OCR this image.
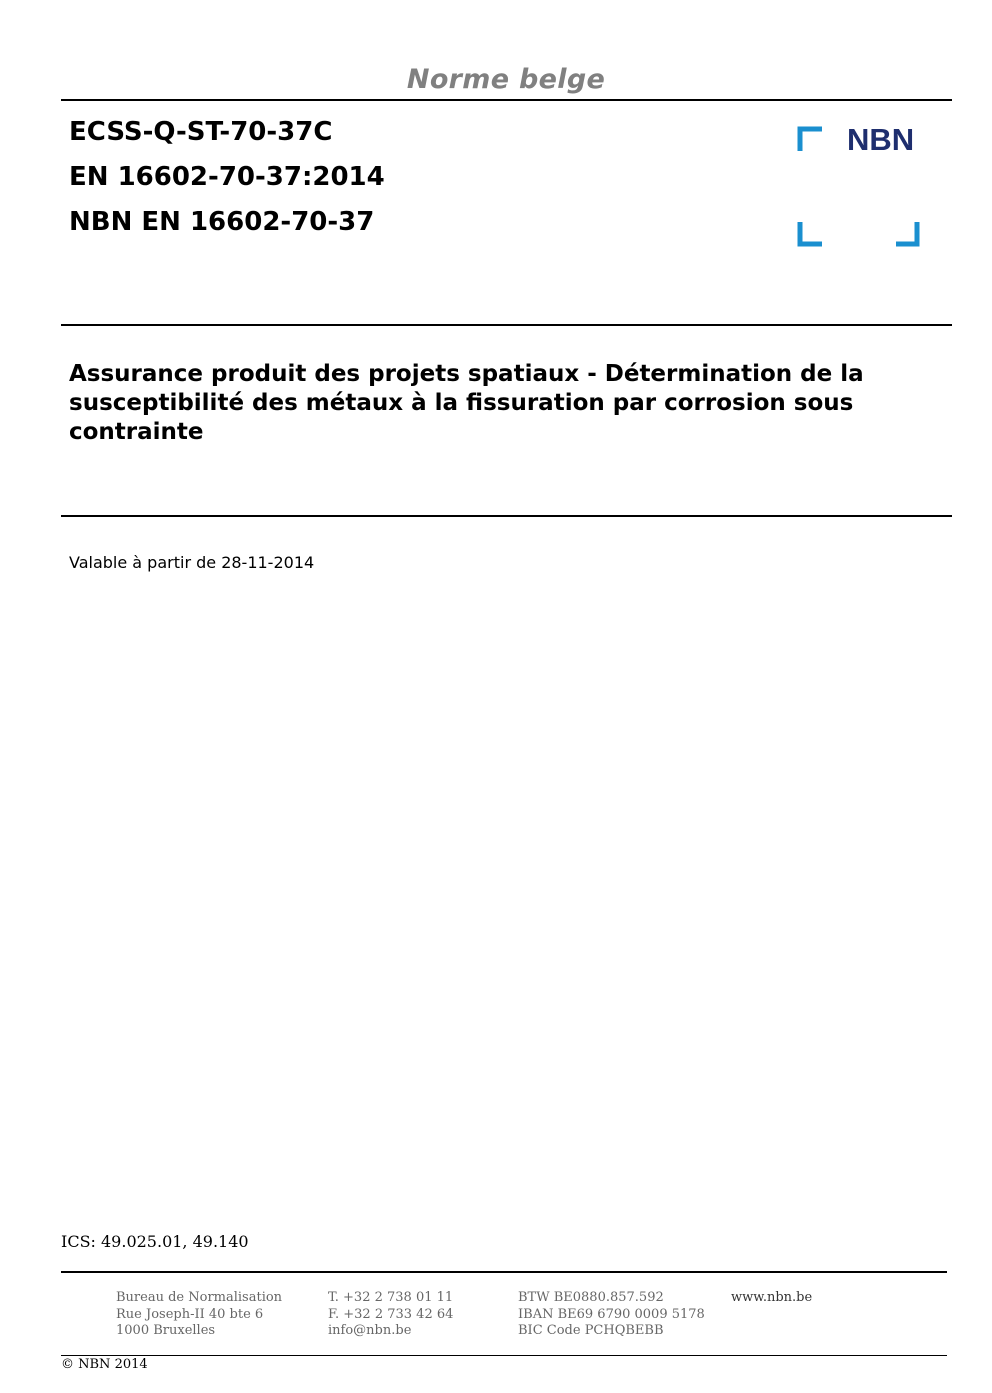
Norme belge
ECSS-Q-ST-70-37C
EN 16602-70-37:2014
NBN EN 16602-70-37
NBN
Assurance produit des projets spatiaux - Détermination de la susceptibilité des métaux à la fissuration par corrosion sous contrainte
Valable à partir de 28-11-2014
ICS: 49.025.01, 49.140
Bureau de Normalisation
Rue Joseph-II 40 bte 6
1000 Bruxelles
T. +32 2 738 01 11
F. +32 2 733 42 64
info@nbn.be
BTW BE0880.857.592
IBAN BE69 6790 0009 5178
BIC Code PCHQBEBB
www.nbn.be
© NBN 2014
